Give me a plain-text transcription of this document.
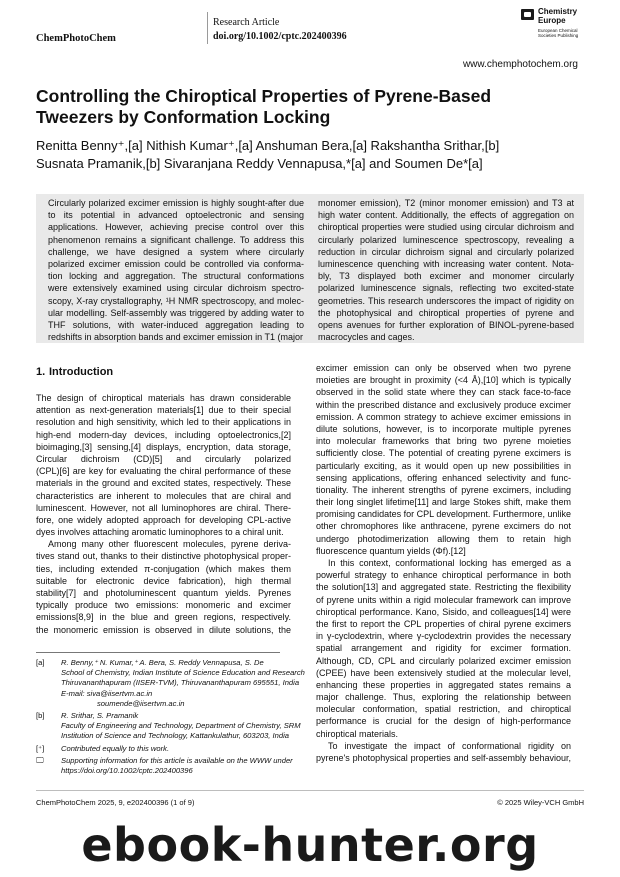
ChemPhotoChem
Research Article
doi.org/10.1002/cptc.202400396
Chemistry
Europe
European Chemical
Societies Publishing
www.chemphotochem.org
Controlling the Chiroptical Properties of Pyrene-Based
Tweezers by Conformation Locking
Renitta Benny⁺,[a] Nithish Kumar⁺,[a] Anshuman Bera,[a] Rakshantha Srithar,[b]
Susnata Pramanik,[b] Sivaranjana Reddy Vennapusa,*[a] and Soumen De*[a]
Circularly polarized excimer emission is highly sought-after due
to its potential in advanced optoelectronic and sensing
applications. However, achieving precise control over this
phenomenon remains a significant challenge. To address this
challenge, we have designed a system where circularly
polarized excimer emission could be controlled via conforma-
tion locking and aggregation. The structural conformations
were extensively examined using circular dichroism spectro-
scopy, X-ray crystallography, ¹H NMR spectroscopy, and molec-
ular modelling. Self-assembly was triggered by adding water to
THF solutions, with water-induced aggregation leading to
redshifts in absorption bands and excimer emission in T1 (major
monomer emission), T2 (minor monomer emission) and T3 at
high water content. Additionally, the effects of aggregation on
chiroptical properties were studied using circular dichroism and
circularly polarized luminescence spectroscopy, revealing a
reduction in circular dichroism signal and circularly polarized
luminescence quenching with increasing water content. Nota-
bly, T3 displayed both excimer and monomer circularly
polarized luminescence signals, reflecting two excited-state
geometries. This research underscores the impact of rigidity on
the photophysical and chiroptical properties of pyrene and
opens avenues for further exploration of BINOL-pyrene-based
macrocycles and cages.
1. Introduction
The design of chiroptical materials has drawn considerable
attention as next-generation materials[1] due to their special
resolution and high sensitivity, which led to their applications in
high-end modern-day devices, including optoelectronics,[2]
bioimaging,[3] sensing,[4] displays, encryption, data storage,
Circular dichroism (CD)[5] and circularly polarized
(CPL)[6] are key for evaluating the chiral performance of these
materials in the ground and excited states, respectively. These
characteristics are inherent to molecules that are chiral and
luminescent. However, not all luminophores are chiral. There-
fore, one widely adopted approach for developing CPL-active
dyes involves attaching aromatic luminophores to a chiral unit.
Among many other fluorescent molecules, pyrene deriva-
tives stand out, thanks to their distinctive photophysical proper-
ties, including extended π-conjugation (which makes them
suitable for electronic device fabrication), high thermal
stability[7] and photoluminescent quantum yields. Pyrenes
typically produce two emissions: monomeric and excimer
emissions[8,9] in the blue and green regions, respectively.
the monomeric emission is observed in dilute solutions, the
excimer emission can only be observed when two pyrene
moieties are brought in proximity (<4 Å),[10] which is typically
observed in the solid state where they can stack face-to-face
within the prescribed distance and exclusively produce excimer
emission. A common strategy to achieve excimer emissions in
dilute solutions, however, is to incorporate multiple pyrenes
into molecular frameworks that bring two pyrene moieties
sufficiently close. The potential of creating pyrene excimers is
particularly exciting, as it would open up new possibilities in
sensing applications, offering enhanced selectivity and func-
tionality. The inherent strengths of pyrene excimers, including
their long singlet lifetime[11] and large Stokes shift, make them
promising candidates for CPL development. Furthermore, unlike
other chromophores like anthracene, pyrene excimers do not
undergo photodimerization allowing them to retain high
fluorescence quantum yields (Φf).[12]
In this context, conformational locking has emerged as a
powerful strategy to enhance chiroptical performance in both
the solution[13] and aggregated state. Restricting the flexibility
of pyrene units within a rigid molecular framework can improve
chiroptical performance. Kano, Sisido, and colleagues[14] were
the first to report the CPL properties of chiral pyrene excimers
in γ-cyclodextrin, where γ-cyclodextrin provides the necessary
spatial arrangement and rigidity for excimer formation.
Although, CD, CPL and circularly polarized excimer emission
(CPEE) have been extensively studied at the molecular level,
enhancing these properties in aggregated states remains a
major challenge. Thus, exploring the relationship between
molecular conformation, spatial restriction, and chiroptical
performance is crucial for the design of high-performance
chiroptical materials.
To investigate the impact of conformational rigidity on
pyrene's photophysical properties and self-assembly behaviour,
[a] R. Benny,⁺ N. Kumar,⁺ A. Bera, S. Reddy Vennapusa, S. De
School of Chemistry, Indian Institute of Science Education and Research
Thiruvananthapuram (IISER-TVM), Thiruvananthapuram 695551, India
E-mail: siva@iisertvm.ac.in
soumende@iisertvm.ac.in
[b] R. Srithar, S. Pramanik
Faculty of Engineering and Technology, Department of Chemistry, SRM
Institution of Science and Technology, Kattankulathur, 603203, India
[⁺] Contributed equally to this work.
🖵 Supporting information for this article is available on the WWW under
https://doi.org/10.1002/cptc.202400396
ChemPhotoChem 2025, 9, e202400396 (1 of 9)	© 2025 Wiley-VCH GmbH
ebook-hunter.org
